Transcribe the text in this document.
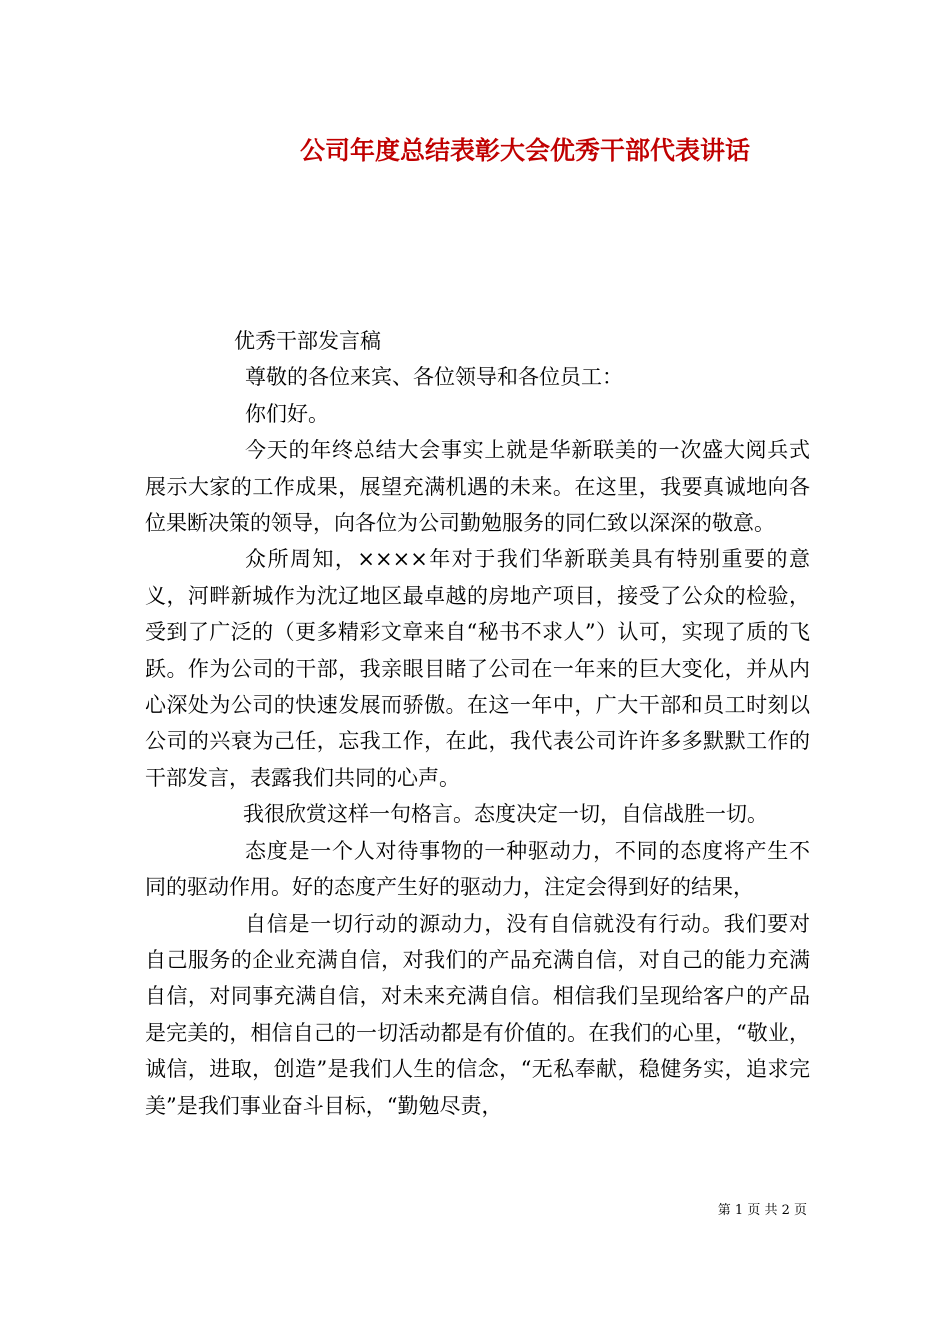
公司年度总结表彰大会优秀干部代表讲话

优秀干部发言稿

尊敬的各位来宾、各位领导和各位员工：

你们好。

今天的年终总结大会事实上就是华新联美的一次盛大阅兵式展示大家的工作成果，展望充满机遇的未来。在这里，我要真诚地向各位果断决策的领导，向各位为公司勤勉服务的同仁致以深深的敬意。

众所周知，××××年对于我们华新联美具有特别重要的意义，河畔新城作为沈辽地区最卓越的房地产项目，接受了公众的检验，受到了广泛的（更多精彩文章来自“秘书不求人”）认可，实现了质的飞跃。作为公司的干部，我亲眼目睹了公司在一年来的巨大变化，并从内心深处为公司的快速发展而骄傲。在这一年中，广大干部和员工时刻以公司的兴衰为己任，忘我工作，在此，我代表公司许许多多默默工作的干部发言，表露我们共同的心声。

我很欣赏这样一句格言。态度决定一切，自信战胜一切。

态度是一个人对待事物的一种驱动力，不同的态度将产生不同的驱动作用。好的态度产生好的驱动力，注定会得到好的结果，

自信是一切行动的源动力，没有自信就没有行动。我们要对自己服务的企业充满自信，对我们的产品充满自信，对自己的能力充满自信，对同事充满自信，对未来充满自信。相信我们呈现给客户的产品是完美的，相信自己的一切活动都是有价值的。在我们的心里，“敬业，诚信，进取，创造”是我们人生的信念，“无私奉献，稳健务实，追求完美”是我们事业奋斗目标，“勤勉尽责，

第 1 页 共 2 页
